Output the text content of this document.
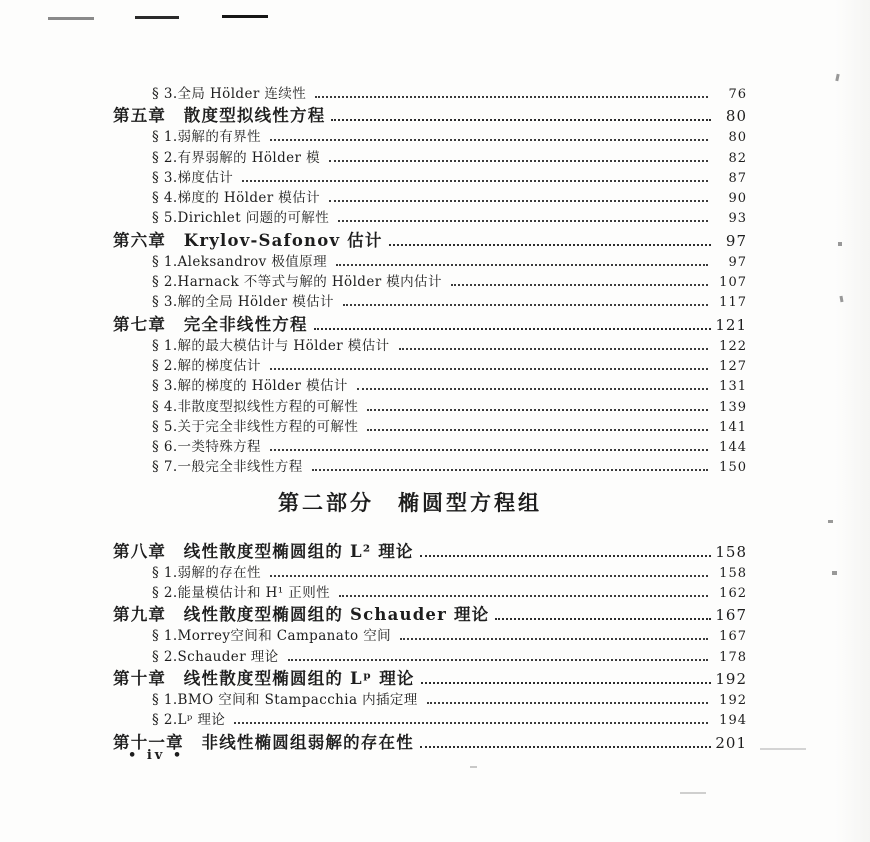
§ 3.全局 Hölder 连续性	76
第五章　散度型拟线性方程	80
§ 1.弱解的有界性	80
§ 2.有界弱解的 Hölder 模	82
§ 3.梯度估计	87
§ 4.梯度的 Hölder 模估计	90
§ 5.Dirichlet 问题的可解性	93
第六章　Krylov-Safonov 估计	97
§ 1.Aleksandrov 极值原理	97
§ 2.Harnack 不等式与解的 Hölder 模内估计	107
§ 3.解的全局 Hölder 模估计	117
第七章　完全非线性方程	121
§ 1.解的最大模估计与 Hölder 模估计	122
§ 2.解的梯度估计	127
§ 3.解的梯度的 Hölder 模估计	131
§ 4.非散度型拟线性方程的可解性	139
§ 5.关于完全非线性方程的可解性	141
§ 6.一类特殊方程	144
§ 7.一般完全非线性方程	150
第二部分　椭圆型方程组
第八章　线性散度型椭圆组的 L² 理论	158
§ 1.弱解的存在性	158
§ 2.能量模估计和 H¹ 正则性	162
第九章　线性散度型椭圆组的 Schauder 理论	167
§ 1.Morrey空间和 Campanato 空间	167
§ 2.Schauder 理论	178
第十章　线性散度型椭圆组的 Lᵖ 理论	192
§ 1.BMO 空间和 Stampacchia 内插定理	192
§ 2.Lᵖ 理论	194
第十一章　非线性椭圆组弱解的存在性	201
• iv •
